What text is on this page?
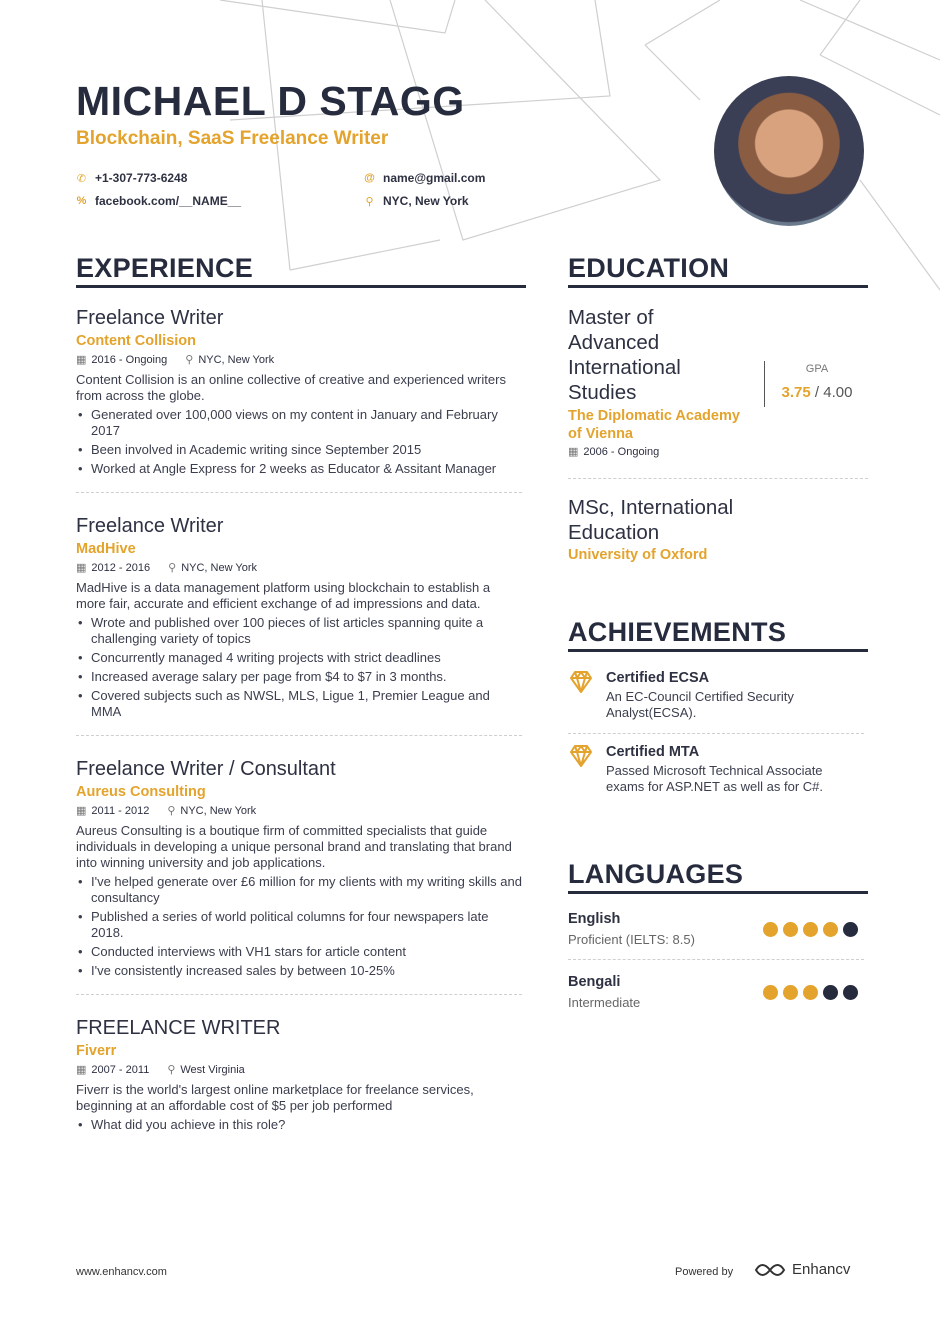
MICHAEL D STAGG
Blockchain, SaaS Freelance Writer
✆ +1-307-773-6248
% facebook.com/__NAME__
@ name@gmail.com
⚲ NYC, New York
EXPERIENCE
Freelance Writer
Content Collision
▦ 2016 - Ongoing ⚲ NYC, New York
Content Collision is an online collective of creative and experienced writers from across the globe.
• Generated over 100,000 views on my content in January and February 2017
• Been involved in Academic writing since September 2015
• Worked at Angle Express for 2 weeks as Educator & Assitant Manager
Freelance Writer
MadHive
▦ 2012 - 2016 ⚲ NYC, New York
MadHive is a data management platform using blockchain to establish a more fair, accurate and efficient exchange of ad impressions and data.
• Wrote and published over 100 pieces of list articles spanning quite a challenging variety of topics
• Concurrently managed 4 writing projects with strict deadlines
• Increased average salary per page from $4 to $7 in 3 months.
• Covered subjects such as NWSL, MLS, Ligue 1, Premier League and MMA
Freelance Writer / Consultant
Aureus Consulting
▦ 2011 - 2012 ⚲ NYC, New York
Aureus Consulting is a boutique firm of committed specialists that guide individuals in developing a unique personal brand and translating that brand into winning university and job applications.
• I've helped generate over £6 million for my clients with my writing skills and consultancy
• Published a series of world political columns for four newspapers late 2018.
• Conducted interviews with VH1 stars for article content
• I've consistently increased sales by between 10-25%
FREELANCE WRITER
Fiverr
▦ 2007 - 2011 ⚲ West Virginia
Fiverr is the world's largest online marketplace for freelance services, beginning at an affordable cost of $5 per job performed
• What did you achieve in this role?
EDUCATION
Master of Advanced International Studies
The Diplomatic Academy of Vienna
▦ 2006 - Ongoing
MSc, International Education
University of Oxford
GPA
3.75 / 4.00
ACHIEVEMENTS
Certified ECSA
An EC-Council Certified Security Analyst(ECSA).
Certified MTA
Passed Microsoft Technical Associate exams for ASP.NET as well as for C#.
LANGUAGES
English
Proficient (IELTS: 8.5)
Bengali
Intermediate
www.enhancv.com	Powered by	Enhancv
